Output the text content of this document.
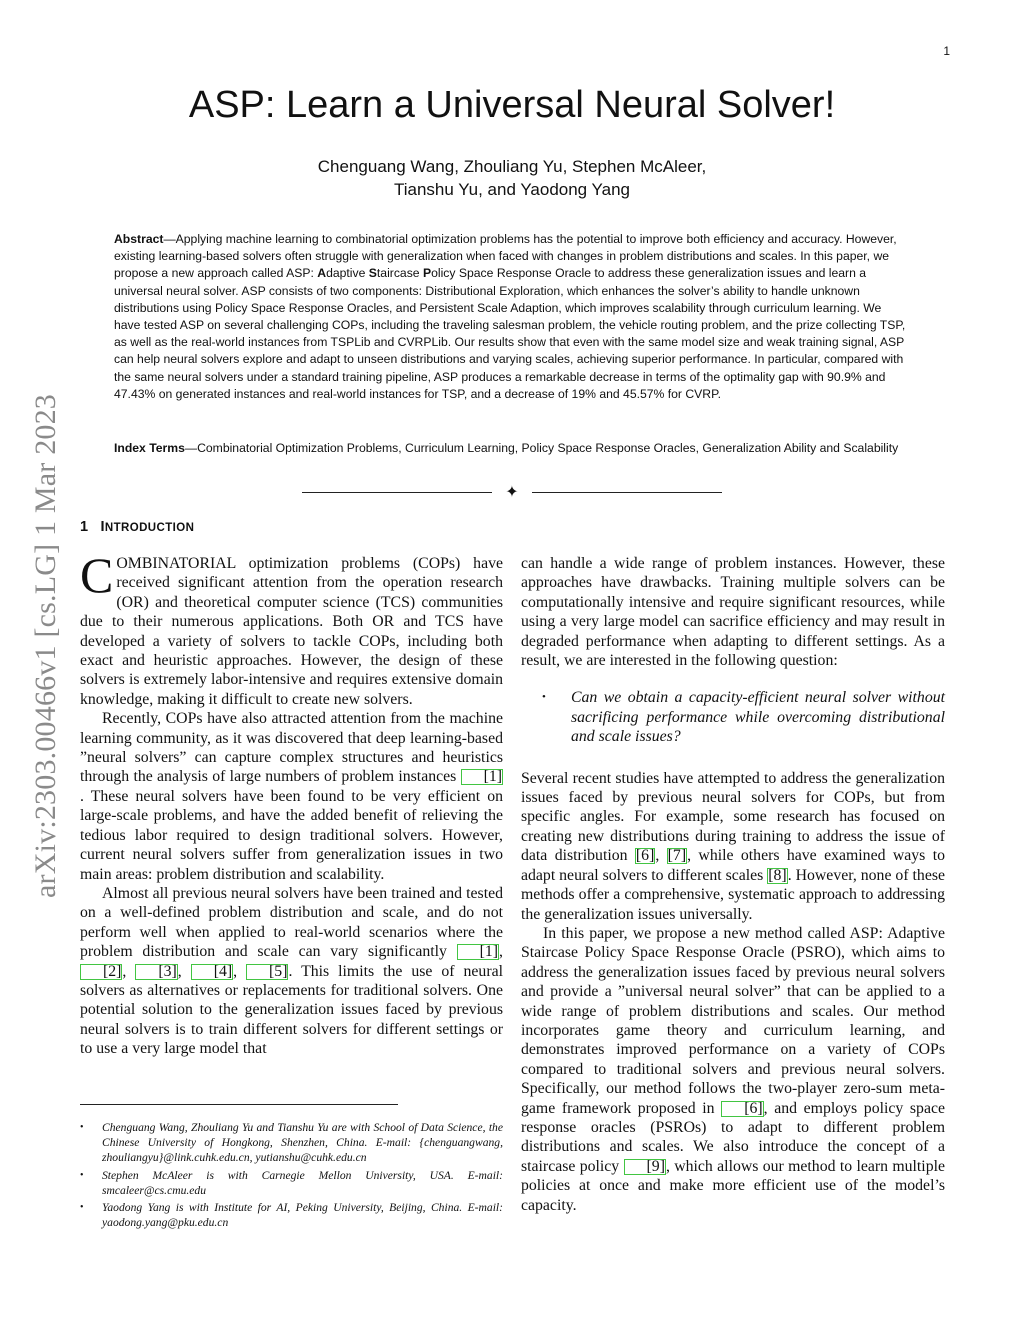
1
arXiv:2303.00466v1 [cs.LG] 1 Mar 2023
ASP: Learn a Universal Neural Solver!
Chenguang Wang, Zhouliang Yu, Stephen McAleer,
Tianshu Yu, and Yaodong Yang

Abstract—Applying machine learning to combinatorial optimization problems has the potential to improve both efficiency and accuracy. However, existing learning-based solvers often struggle with generalization when faced with changes in problem distributions and scales. In this paper, we propose a new approach called ASP: Adaptive Staircase Policy Space Response Oracle to address these generalization issues and learn a universal neural solver. ASP consists of two components: Distributional Exploration, which enhances the solver’s ability to handle unknown distributions using Policy Space Response Oracles, and Persistent Scale Adaption, which improves scalability through curriculum learning. We have tested ASP on several challenging COPs, including the traveling salesman problem, the vehicle routing problem, and the prize collecting TSP, as well as the real-world instances from TSPLib and CVRPLib. Our results show that even with the same model size and weak training signal, ASP can help neural solvers explore and adapt to unseen distributions and varying scales, achieving superior performance. In particular, compared with the same neural solvers under a standard training pipeline, ASP produces a remarkable decrease in terms of the optimality gap with 90.9% and 47.43% on generated instances and real-world instances for TSP, and a decrease of 19% and 45.57% for CVRP.

Index Terms—Combinatorial Optimization Problems, Curriculum Learning, Policy Space Response Oracles, Generalization Ability and Scalability

✦
1 INTRODUCTION

COMBINATORIAL optimization problems (COPs) have received significant attention from the operation research (OR) and theoretical computer science (TCS) communities due to their numerous applications. Both OR and TCS have developed a variety of solvers to tackle COPs, including both exact and heuristic approaches. However, the design of these solvers is extremely labor-intensive and requires extensive domain knowledge, making it difficult to create new solvers.

Recently, COPs have also attracted attention from the machine learning community, as it was discovered that deep learning-based ”neural solvers” can capture complex structures and heuristics through the analysis of large numbers of problem instances [1]. These neural solvers have been found to be very efficient on large-scale problems, and have the added benefit of relieving the tedious labor required to design traditional solvers. However, current neural solvers suffer from generalization issues in two main areas: problem distribution and scalability.

Almost all previous neural solvers have been trained and tested on a well-defined problem distribution and scale, and do not perform well when applied to real-world scenarios where the problem distribution and scale can vary significantly [1], [2], [3], [4], [5]. This limits the use of neural solvers as alternatives or replacements for traditional solvers. One potential solution to the generalization issues faced by previous neural solvers is to train different solvers for different settings or to use a very large model that

can handle a wide range of problem instances. However, these approaches have drawbacks. Training multiple solvers can be computationally intensive and require significant resources, while using a very large model can sacrifice efficiency and may result in degraded performance when adapting to different settings. As a result, we are interested in the following question:

• Can we obtain a capacity-efficient neural solver without sacrificing performance while overcoming distributional and scale issues?

Several recent studies have attempted to address the generalization issues faced by previous neural solvers for COPs, but from specific angles. For example, some research has focused on creating new distributions during training to address the issue of data distribution [6], [7], while others have examined ways to adapt neural solvers to different scales [8]. However, none of these methods offer a comprehensive, systematic approach to addressing the generalization issues universally.

In this paper, we propose a new method called ASP: Adaptive Staircase Policy Space Response Oracle (PSRO), which aims to address the generalization issues faced by previous neural solvers and provide a ”universal neural solver” that can be applied to a wide range of problem distributions and scales. Our method incorporates game theory and curriculum learning, and demonstrates improved performance on a variety of COPs compared to traditional solvers and previous neural solvers. Specifically, our method follows the two-player zero-sum meta-game framework proposed in [6], and employs policy space response oracles (PSROs) to adapt to different problem distributions and scales. We also introduce the concept of a staircase policy [9], which allows our method to learn multiple policies at once and make more efficient use of the model’s capacity.

• Chenguang Wang, Zhouliang Yu and Tianshu Yu are with School of Data Science, the Chinese University of Hongkong, Shenzhen, China. E-mail: {chenguangwang, zhouliangyu}@link.cuhk.edu.cn, yutianshu@cuhk.edu.cn
• Stephen McAleer is with Carnegie Mellon University, USA. E-mail: smcaleer@cs.cmu.edu
• Yaodong Yang is with Institute for AI, Peking University, Beijing, China. E-mail: yaodong.yang@pku.edu.cn
